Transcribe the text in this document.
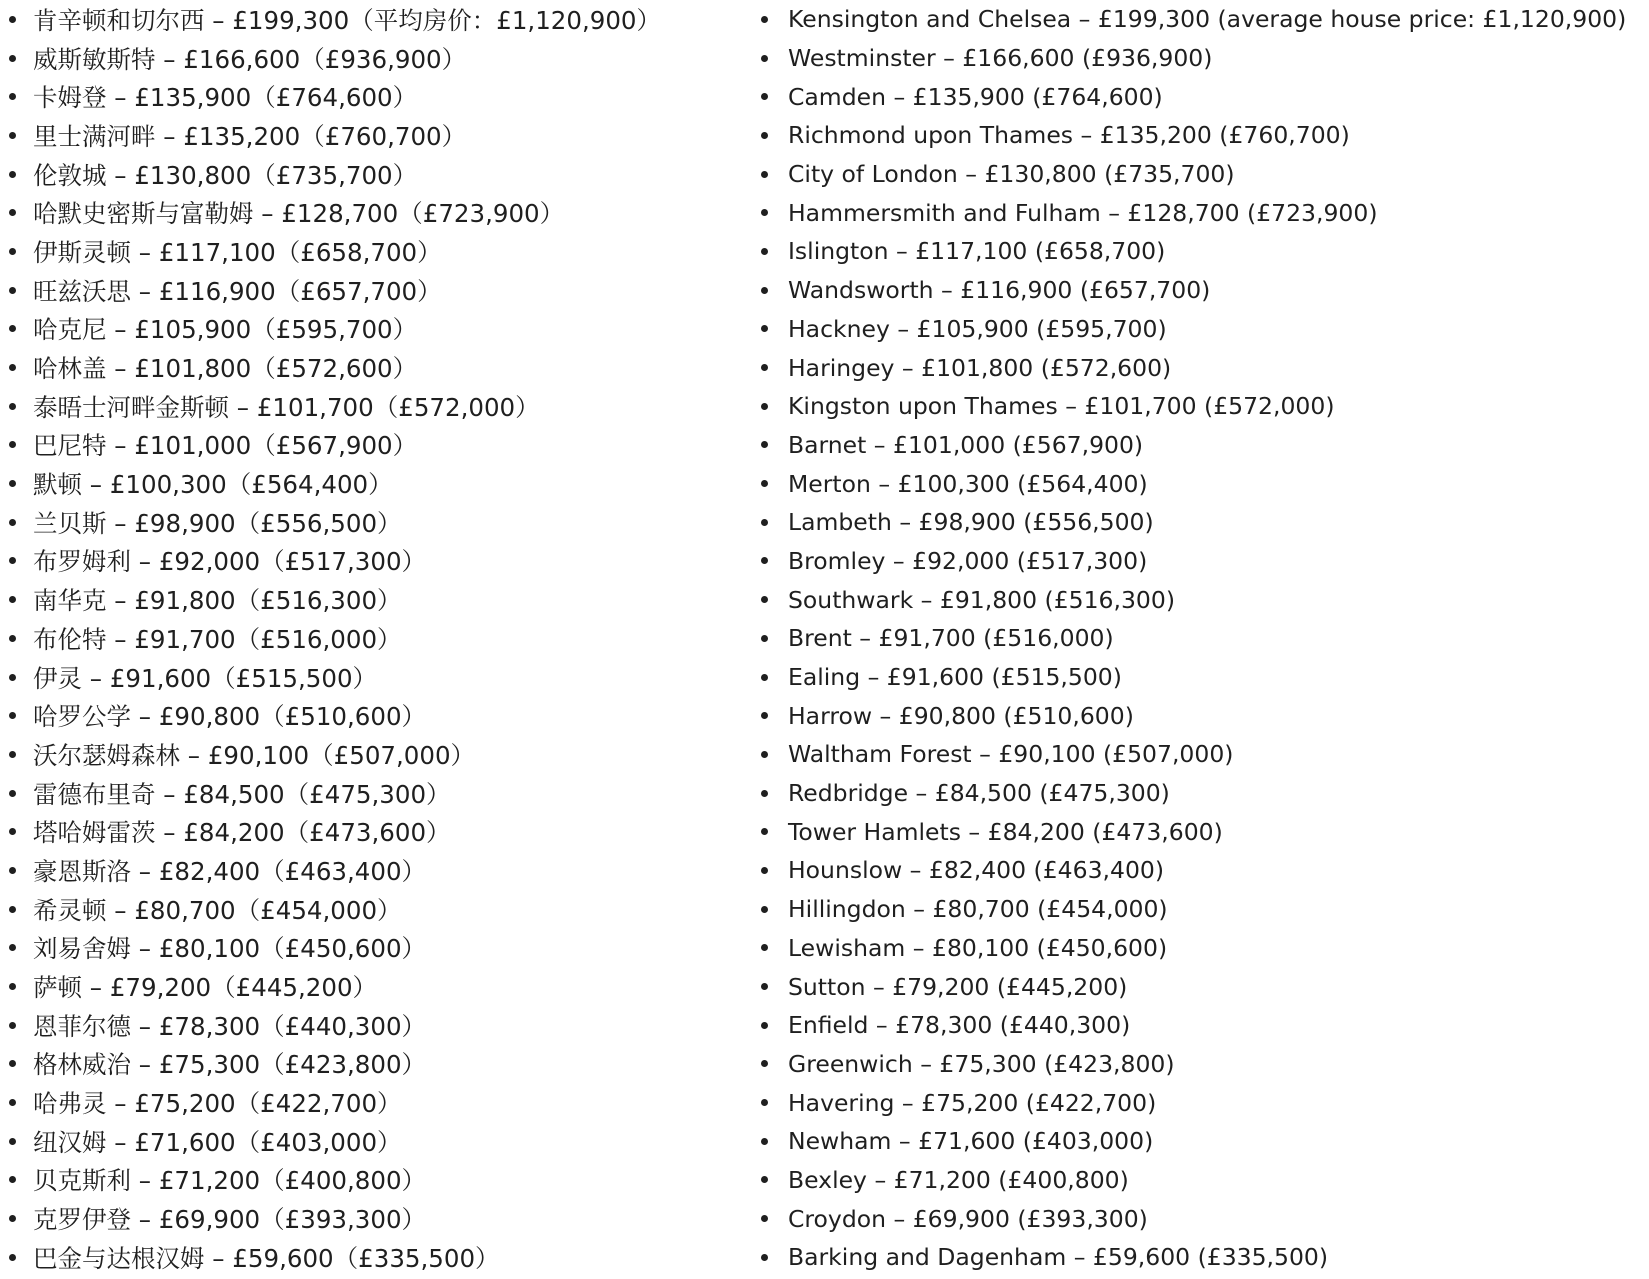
肯辛顿和切尔西 – £199,300（平均房价：£1,120,900）
威斯敏斯特 – £166,600（£936,900）
卡姆登 – £135,900（£764,600）
里士满河畔 – £135,200（£760,700）
伦敦城 – £130,800（£735,700）
哈默史密斯与富勒姆 – £128,700（£723,900）
伊斯灵顿 – £117,100（£658,700）
旺兹沃思 – £116,900（£657,700）
哈克尼 – £105,900（£595,700）
哈林盖 – £101,800（£572,600）
泰晤士河畔金斯顿 – £101,700（£572,000）
巴尼特 – £101,000（£567,900）
默顿 – £100,300（£564,400）
兰贝斯 – £98,900（£556,500）
布罗姆利 – £92,000（£517,300）
南华克 – £91,800（£516,300）
布伦特 – £91,700（£516,000）
伊灵 – £91,600（£515,500）
哈罗公学 – £90,800（£510,600）
沃尔瑟姆森林 – £90,100（£507,000）
雷德布里奇 – £84,500（£475,300）
塔哈姆雷茨 – £84,200（£473,600）
豪恩斯洛 – £82,400（£463,400）
希灵顿 – £80,700（£454,000）
刘易舍姆 – £80,100（£450,600）
萨顿 – £79,200（£445,200）
恩菲尔德 – £78,300（£440,300）
格林威治 – £75,300（£423,800）
哈弗灵 – £75,200（£422,700）
纽汉姆 – £71,600（£403,000）
贝克斯利 – £71,200（£400,800）
克罗伊登 – £69,900（£393,300）
巴金与达根汉姆 – £59,600（£335,500）
Kensington and Chelsea – £199,300 (average house price: £1,120,900)
Westminster – £166,600 (£936,900)
Camden – £135,900 (£764,600)
Richmond upon Thames – £135,200 (£760,700)
City of London – £130,800 (£735,700)
Hammersmith and Fulham – £128,700 (£723,900)
Islington – £117,100 (£658,700)
Wandsworth – £116,900 (£657,700)
Hackney – £105,900 (£595,700)
Haringey – £101,800 (£572,600)
Kingston upon Thames – £101,700 (£572,000)
Barnet – £101,000 (£567,900)
Merton – £100,300 (£564,400)
Lambeth – £98,900 (£556,500)
Bromley – £92,000 (£517,300)
Southwark – £91,800 (£516,300)
Brent – £91,700 (£516,000)
Ealing – £91,600 (£515,500)
Harrow – £90,800 (£510,600)
Waltham Forest – £90,100 (£507,000)
Redbridge – £84,500 (£475,300)
Tower Hamlets – £84,200 (£473,600)
Hounslow – £82,400 (£463,400)
Hillingdon – £80,700 (£454,000)
Lewisham – £80,100 (£450,600)
Sutton – £79,200 (£445,200)
Enfield – £78,300 (£440,300)
Greenwich – £75,300 (£423,800)
Havering – £75,200 (£422,700)
Newham – £71,600 (£403,000)
Bexley – £71,200 (£400,800)
Croydon – £69,900 (£393,300)
Barking and Dagenham – £59,600 (£335,500)
